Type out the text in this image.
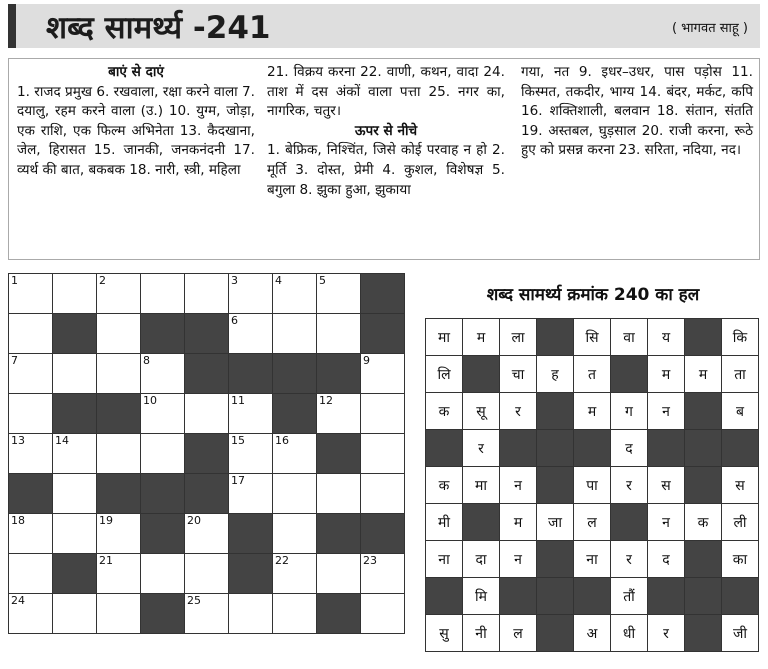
शब्द सामर्थ्य -241	( भागवत साहू )
बाएं से दाएं
1. राजद प्रमुख 6. रखवाला, रक्षा करने वाला 7. दयालु, रहम करने वाला (उ.) 10. युग्म, जोड़ा, एक राशि, एक फिल्म अभिनेता 13. कैदखाना, जेल, हिरासत 15. जानकी, जनकनंदनी 17. व्यर्थ की बात, बकबक 18. नारी, स्त्री, महिला
21. विक्रय करना 22. वाणी, कथन, वादा 24. ताश में दस अंकों वाला पत्ता 25. नगर का, नागरिक, चतुर।
ऊपर से नीचे
1. बेफ्रिक, निश्चिंत, जिसे कोई परवाह न हो 2. मूर्ति 3. दोस्त, प्रेमी 4. कुशल, विशेषज्ञ 5. बगुला 8. झुका हुआ, झुकाया
गया, नत 9. इधर–उधर, पास पड़ोस 11. किस्मत, तकदीर, भाग्य 14. बंदर, मर्कट, कपि 16. शक्तिशाली, बलवान 18. संतान, संतति 19. अस्तबल, घुड़साल 20. राजी करना, रूठे हुए को प्रसन्न करना 23. सरिता, नदिया, नद।
1		2			3	4	5	

					6			

7			8					9

			10		11		12	

13	14				15	16		

					17			

18		19		20				

		21				22		23

24				25				

शब्द सामर्थ्य क्रमांक 240 का हल
मा	म	ला		सि	वा	य		कि
लि		चा	ह	त		म	म	ता
क	सू	र		म	ग	न		ब
	र				द			
क	मा	न		पा	र	स		स
मी		म	जा	ल		न	क	ली
ना	दा	न		ना	र	द		का
	मि				तौं			
सु	नी	ल		अ	धी	र		जी
